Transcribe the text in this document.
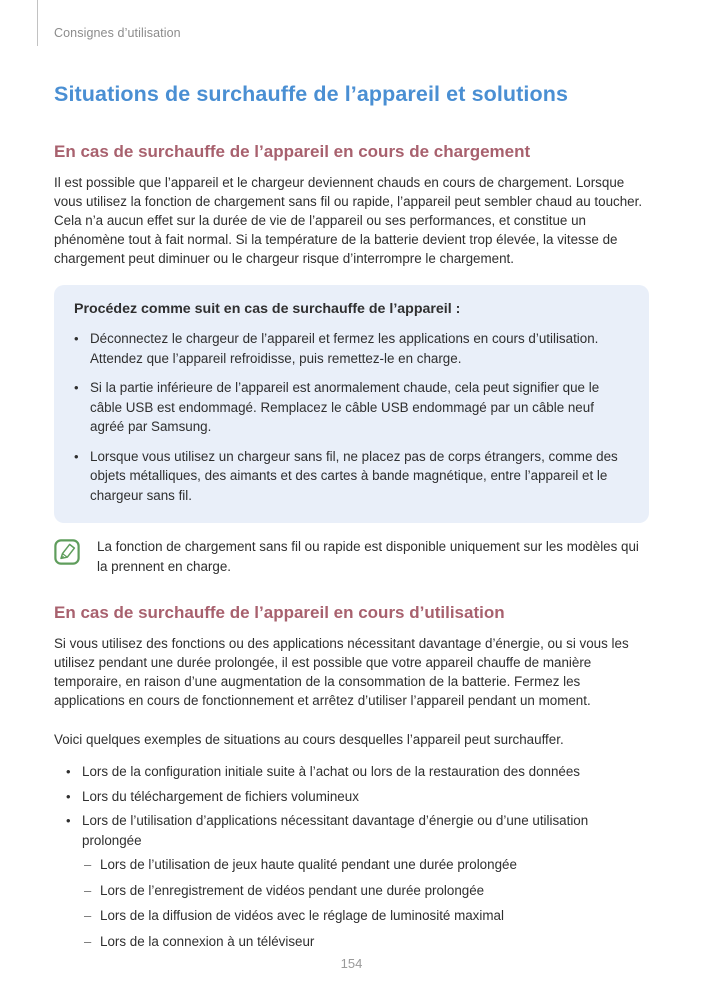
Consignes d’utilisation
Situations de surchauffe de l’appareil et solutions
En cas de surchauffe de l’appareil en cours de chargement

Il est possible que l’appareil et le chargeur deviennent chauds en cours de chargement. Lorsque vous utilisez la fonction de chargement sans fil ou rapide, l’appareil peut sembler chaud au toucher. Cela n’a aucun effet sur la durée de vie de l’appareil ou ses performances, et constitue un phénomène tout à fait normal. Si la température de la batterie devient trop élevée, la vitesse de chargement peut diminuer ou le chargeur risque d’interrompre le chargement.

Procédez comme suit en cas de surchauffe de l’appareil :
• Déconnectez le chargeur de l’appareil et fermez les applications en cours d’utilisation. Attendez que l’appareil refroidisse, puis remettez-le en charge.
• Si la partie inférieure de l’appareil est anormalement chaude, cela peut signifier que le câble USB est endommagé. Remplacez le câble USB endommagé par un câble neuf agréé par Samsung.
• Lorsque vous utilisez un chargeur sans fil, ne placez pas de corps étrangers, comme des objets métalliques, des aimants et des cartes à bande magnétique, entre l’appareil et le chargeur sans fil.
La fonction de chargement sans fil ou rapide est disponible uniquement sur les modèles qui la prennent en charge.
En cas de surchauffe de l’appareil en cours d’utilisation

Si vous utilisez des fonctions ou des applications nécessitant davantage d’énergie, ou si vous les utilisez pendant une durée prolongée, il est possible que votre appareil chauffe de manière temporaire, en raison d’une augmentation de la consommation de la batterie. Fermez les applications en cours de fonctionnement et arrêtez d’utiliser l’appareil pendant un moment.

Voici quelques exemples de situations au cours desquelles l’appareil peut surchauffer.

• Lors de la configuration initiale suite à l’achat ou lors de la restauration des données
• Lors du téléchargement de fichiers volumineux
• Lors de l’utilisation d’applications nécessitant davantage d’énergie ou d’une utilisation prolongée
– Lors de l’utilisation de jeux haute qualité pendant une durée prolongée
– Lors de l’enregistrement de vidéos pendant une durée prolongée
– Lors de la diffusion de vidéos avec le réglage de luminosité maximal
– Lors de la connexion à un téléviseur
154
